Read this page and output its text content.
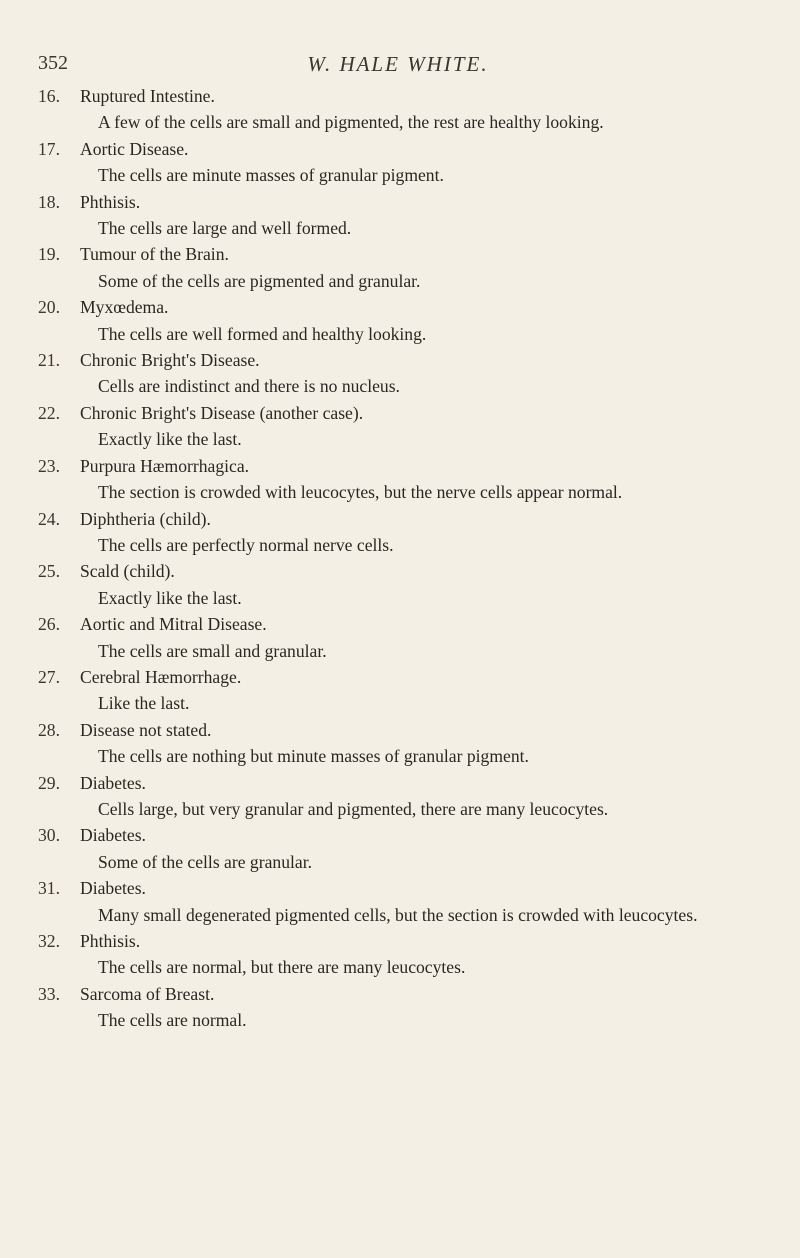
352	W. HALE WHITE.
16.	Ruptured Intestine.
A few of the cells are small and pigmented, the rest are healthy looking.
17.	Aortic Disease.
The cells are minute masses of granular pigment.
18.	Phthisis.
The cells are large and well formed.
19.	Tumour of the Brain.
Some of the cells are pigmented and granular.
20.	Myxœdema.
The cells are well formed and healthy looking.
21.	Chronic Bright's Disease.
Cells are indistinct and there is no nucleus.
22.	Chronic Bright's Disease (another case).
Exactly like the last.
23.	Purpura Hæmorrhagica.
The section is crowded with leucocytes, but the nerve cells appear normal.
24.	Diphtheria (child).
The cells are perfectly normal nerve cells.
25.	Scald (child).
Exactly like the last.
26.	Aortic and Mitral Disease.
The cells are small and granular.
27.	Cerebral Hæmorrhage.
Like the last.
28.	Disease not stated.
The cells are nothing but minute masses of granular pigment.
29.	Diabetes.
Cells large, but very granular and pigmented, there are many leucocytes.
30.	Diabetes.
Some of the cells are granular.
31.	Diabetes.
Many small degenerated pigmented cells, but the section is crowded with leucocytes.
32.	Phthisis.
The cells are normal, but there are many leucocytes.
33.	Sarcoma of Breast.
The cells are normal.
